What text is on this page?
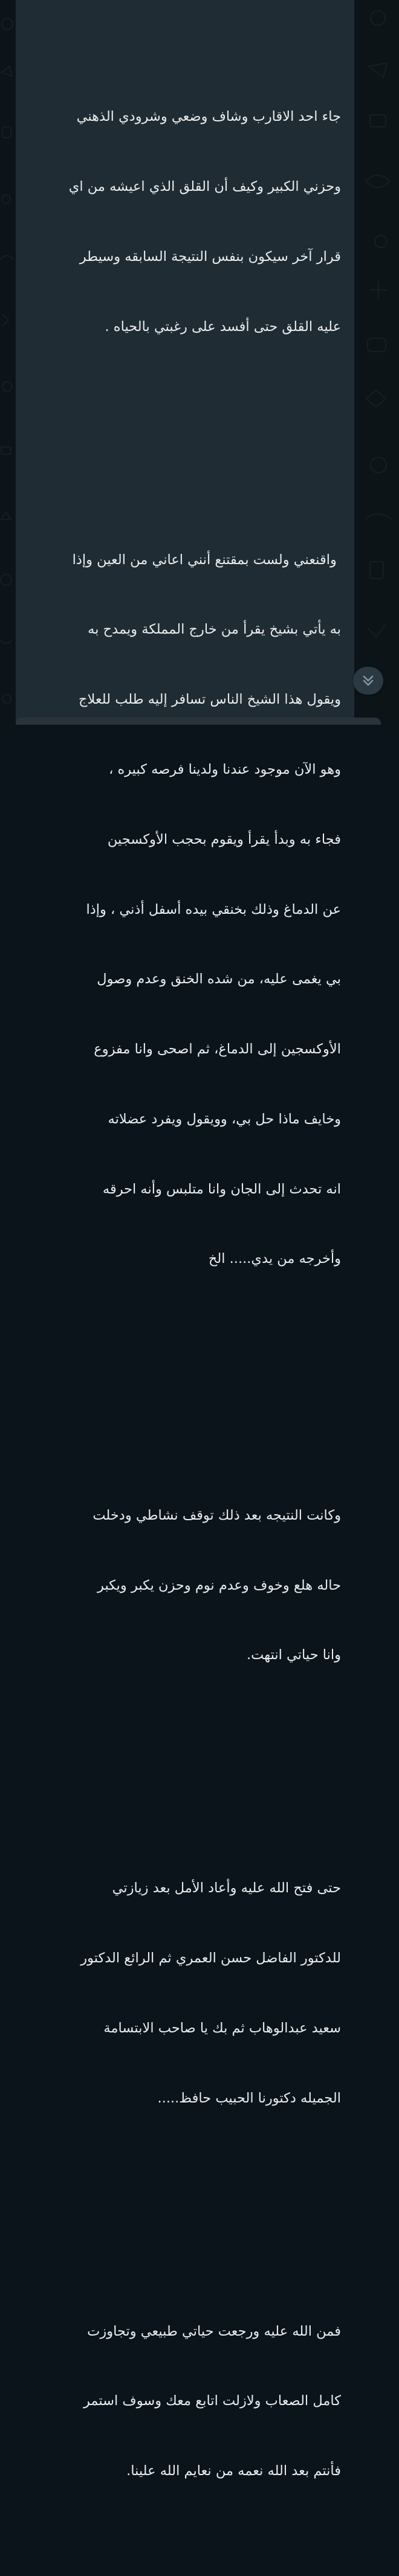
جاء احد الاقارب وشاف وضعي وشرودي الذهني

وحزني الكبير وكيف أن القلق الذي اعيشه من اي

قرار آخر سيكون بنفس النتيجة السابقه وسيطر

عليه القلق حتى أفسد على رغبتي بالحياه .

واقنعني ولست بمقتنع أنني اعاني من العين وإذا

به يأتي بشيخ يقرأ من خارج المملكة ويمدح به

ويقول هذا الشيخ الناس تسافر إليه طلب للعلاج

وهو الآن موجود عندنا ولدينا فرصه كبيره ،

فجاء به وبدأ يقرأ ويقوم بحجب الأوكسجين

عن الدماغ وذلك بخنقي بيده أسفل أذني ، وإذا

بي يغمى عليه، من شده الخنق وعدم وصول

الأوكسجين إلى الدماغ، ثم اصحى وانا مفزوع

وخايف ماذا حل بي، وويقول ويفرد عضلاته

انه تحدث إلى الجان وانا متلبس وأنه احرقه

وأخرجه من يدي..... الخ

وكانت النتيجه بعد ذلك توقف نشاطي ودخلت

حاله هلع وخوف وعدم نوم وحزن يكبر ويكبر

وانا حياتي انتهت.

حتى فتح الله عليه وأعاد الأمل بعد زيازتي

للدكتور الفاضل حسن العمري ثم الرائع الدكتور

سعيد عبدالوهاب ثم بك يا صاحب الابتسامة

الجميله دكتورنا الحبيب حافظ.....

فمن الله عليه ورجعت حياتي طبيعي وتجاوزت

كامل الصعاب ولازلت اتابع معك وسوف استمر

فأنتم بعد الله نعمه من نعايم الله علينا.
